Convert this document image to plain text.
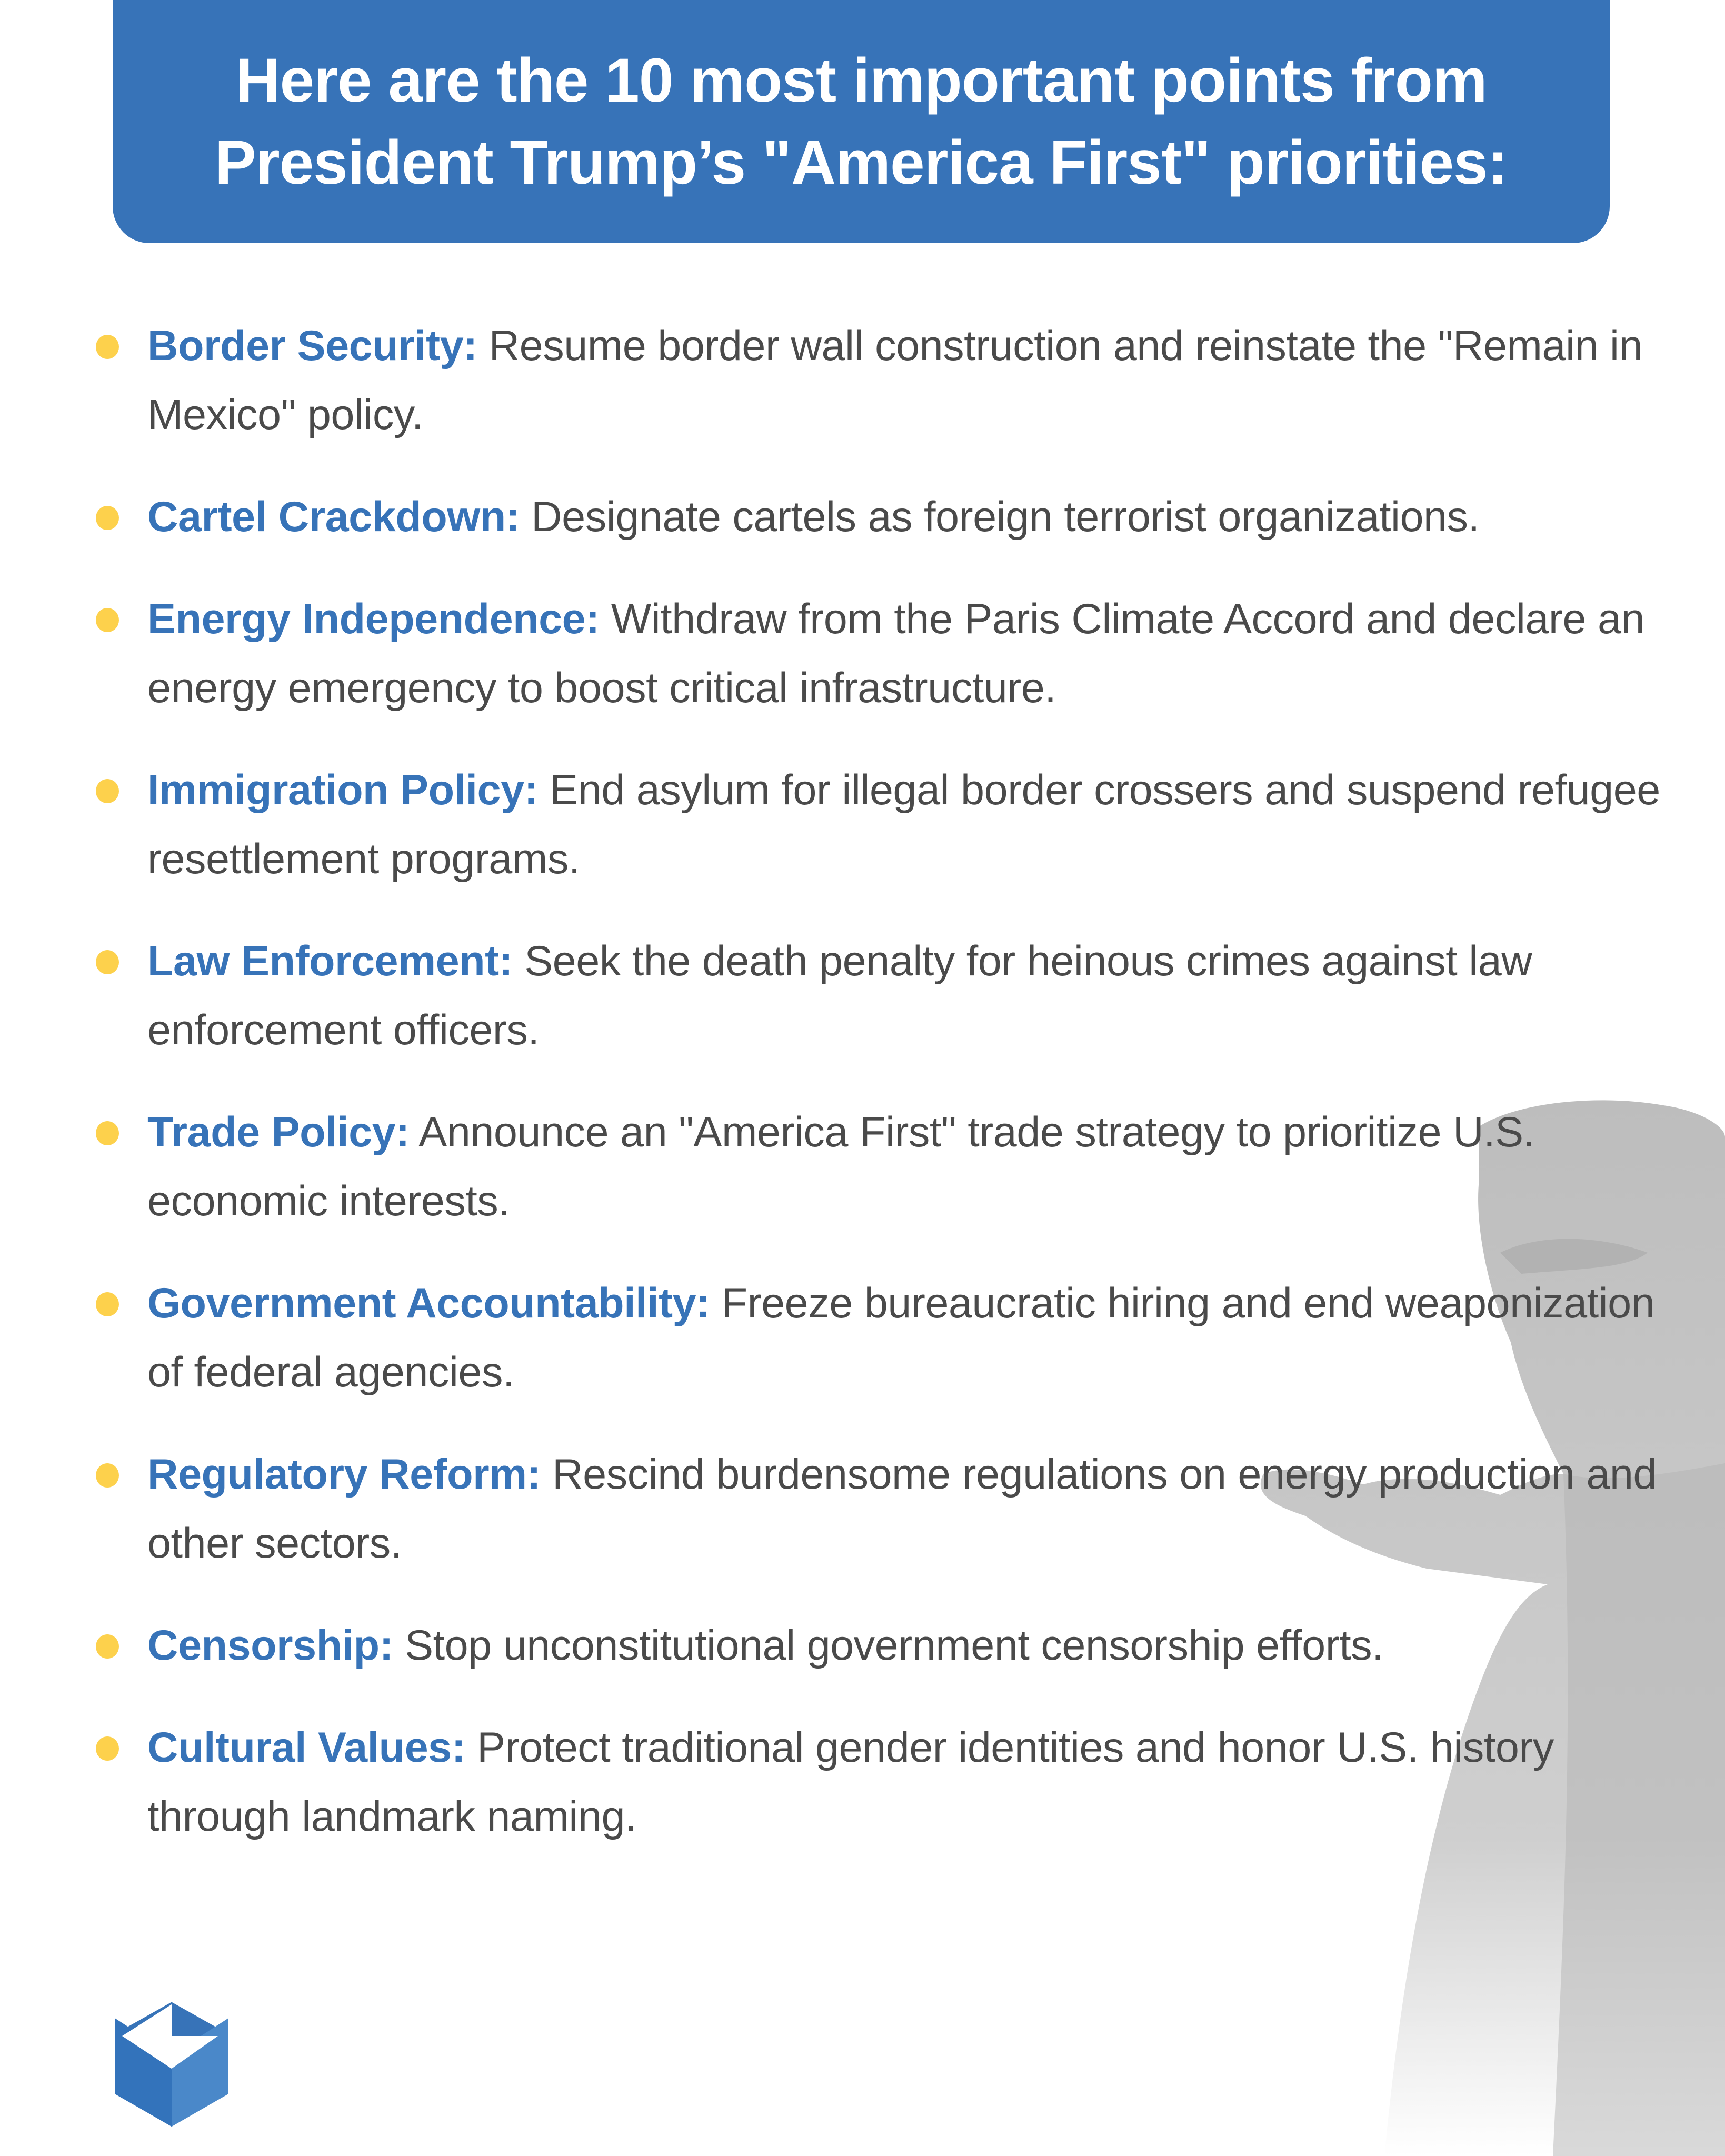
Here are the 10 most important points from
President Trump’s "America First" priorities:
Border Security: Resume border wall construction and reinstate the "Remain in Mexico" policy.
Cartel Crackdown: Designate cartels as foreign terrorist organizations.
Energy Independence: Withdraw from the Paris Climate Accord and declare an energy emergency to boost critical infrastructure.
Immigration Policy: End asylum for illegal border crossers and suspend refugee resettlement programs.
Law Enforcement: Seek the death penalty for heinous crimes against law enforcement officers.
Trade Policy: Announce an "America First" trade strategy to prioritize U.S. economic interests.
Government Accountability: Freeze bureaucratic hiring and end weaponization of federal agencies.
Regulatory Reform: Rescind burdensome regulations on energy production and other sectors.
Censorship: Stop unconstitutional government censorship efforts.
Cultural Values: Protect traditional gender identities and honor U.S. history through landmark naming.
